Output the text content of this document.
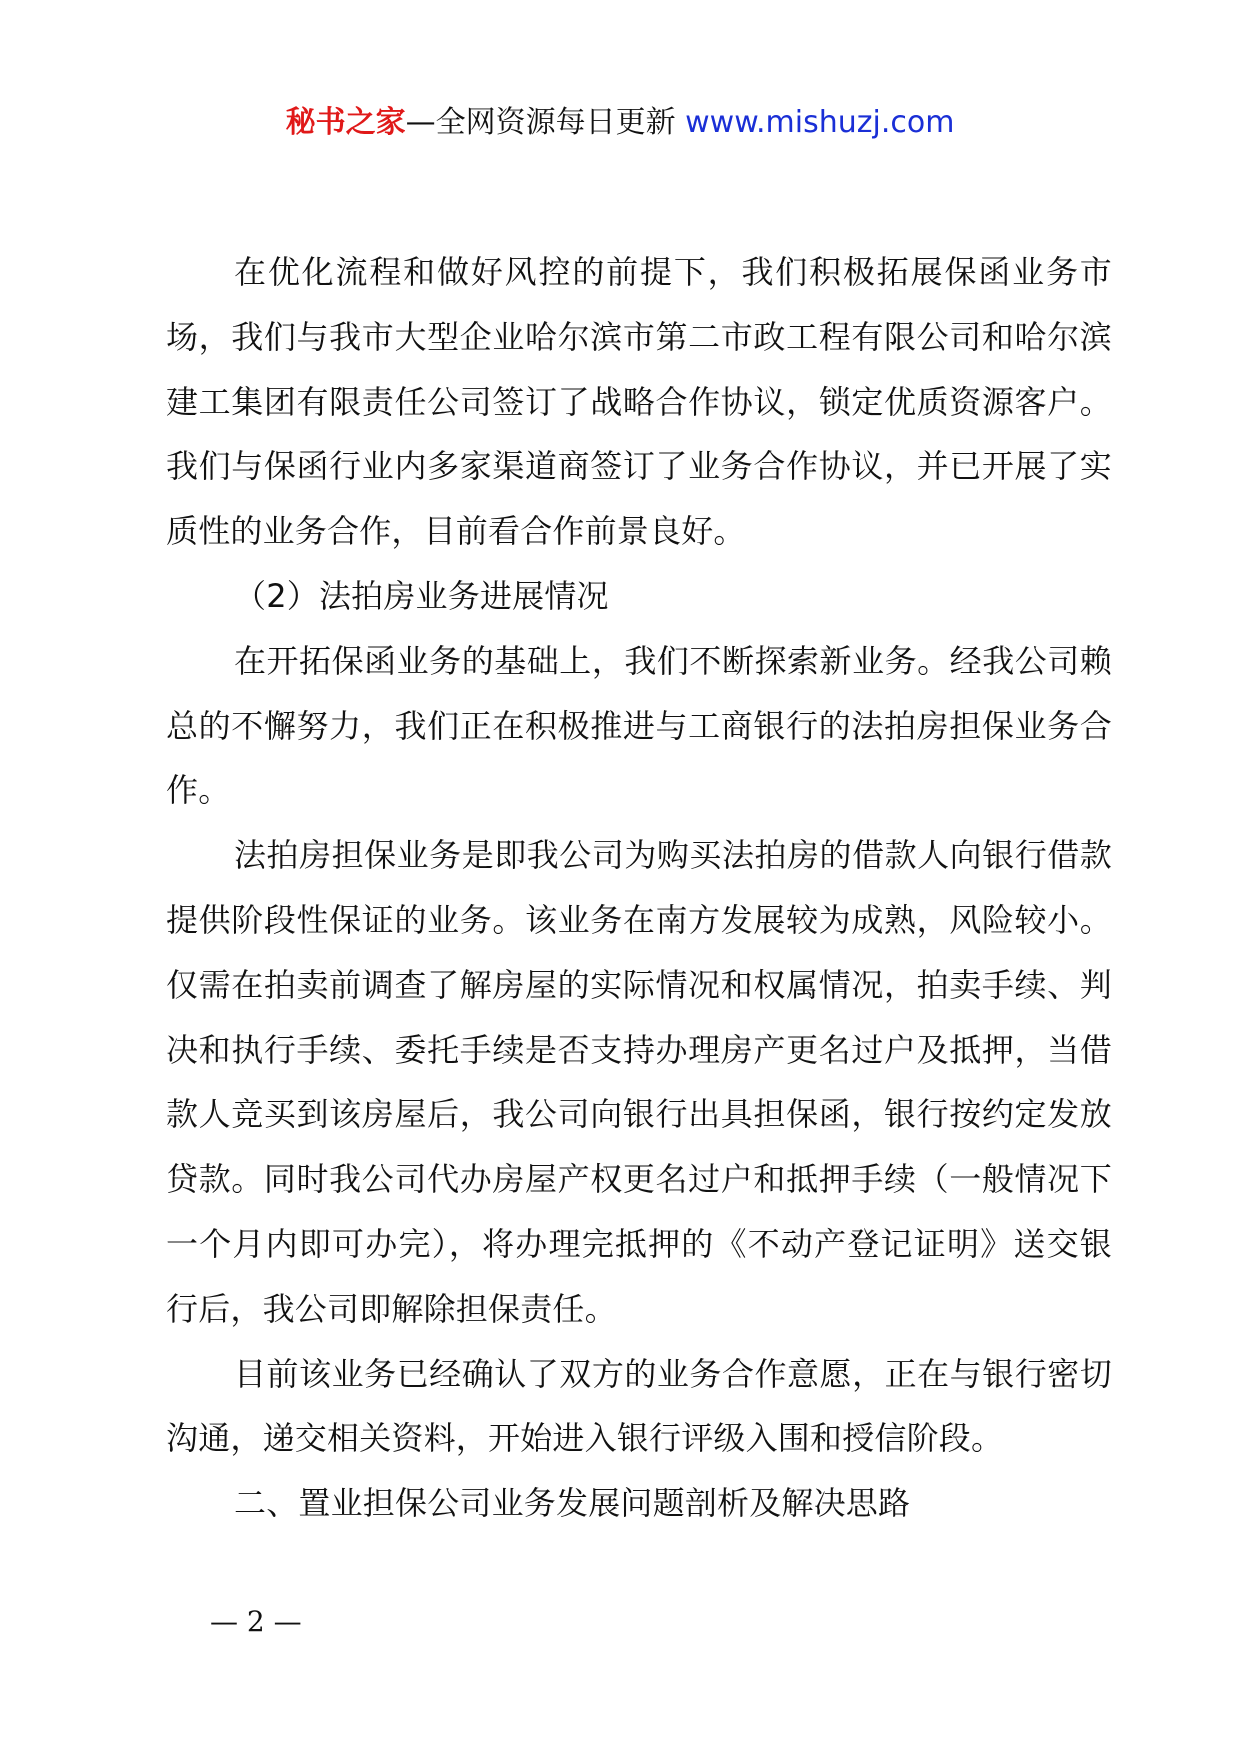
秘书之家—全网资源每日更新 www.mishuzj.com

在优化流程和做好风控的前提下，我们积极拓展保函业务市场，我们与我市大型企业哈尔滨市第二市政工程有限公司和哈尔滨建工集团有限责任公司签订了战略合作协议，锁定优质资源客户。我们与保函行业内多家渠道商签订了业务合作协议，并已开展了实质性的业务合作，目前看合作前景良好。

（2）法拍房业务进展情况

在开拓保函业务的基础上，我们不断探索新业务。经我公司赖总的不懈努力，我们正在积极推进与工商银行的法拍房担保业务合作。

法拍房担保业务是即我公司为购买法拍房的借款人向银行借款提供阶段性保证的业务。该业务在南方发展较为成熟，风险较小。仅需在拍卖前调查了解房屋的实际情况和权属情况，拍卖手续、判决和执行手续、委托手续是否支持办理房产更名过户及抵押，当借款人竞买到该房屋后，我公司向银行出具担保函，银行按约定发放贷款。同时我公司代办房屋产权更名过户和抵押手续（一般情况下一个月内即可办完），将办理完抵押的《不动产登记证明》送交银行后，我公司即解除担保责任。

目前该业务已经确认了双方的业务合作意愿，正在与银行密切沟通，递交相关资料，开始进入银行评级入围和授信阶段。

二、置业担保公司业务发展问题剖析及解决思路

— 2 —
